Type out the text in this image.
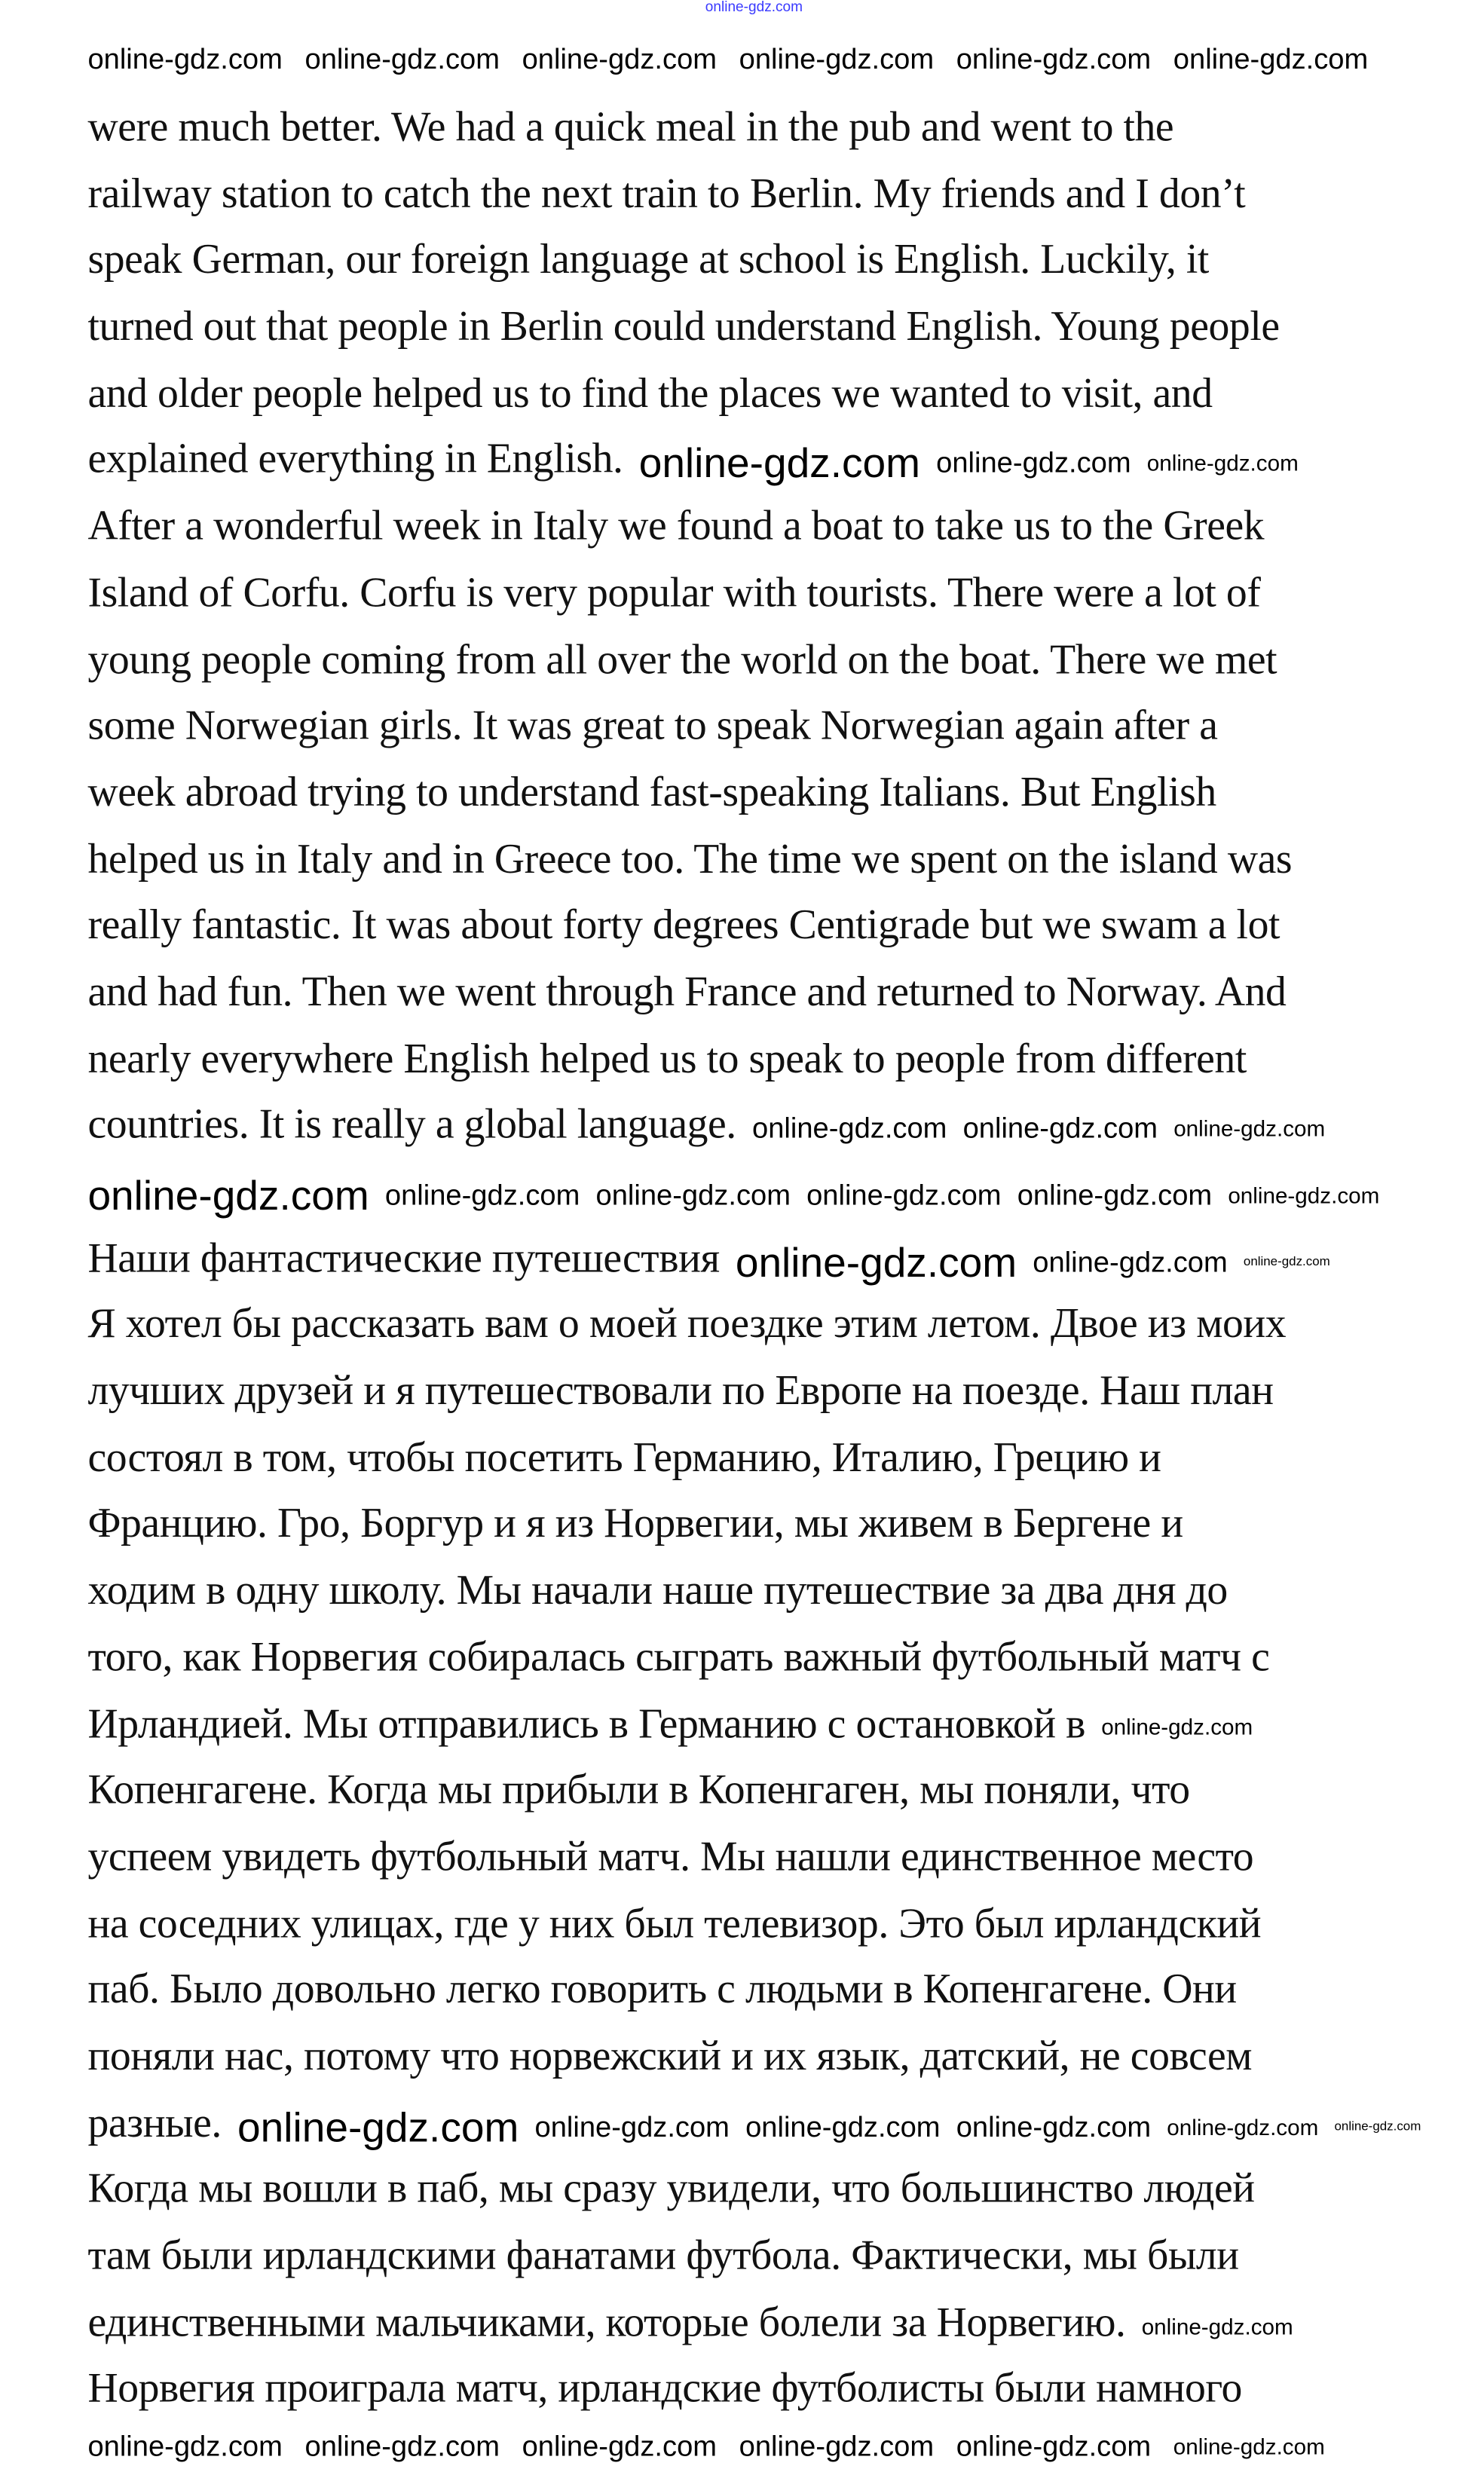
online-gdz.com
online-gdz.com online-gdz.com online-gdz.com online-gdz.com online-gdz.com online-gdz.com
were much better. We had a quick meal in the pub and went to the
railway station to catch the next train to Berlin. My friends and I don’t
speak German, our foreign language at school is English. Luckily, it
turned out that people in Berlin could understand English. Young people
and older people helped us to find the places we wanted to visit, and
explained everything in English. online-gdz.com online-gdz.com online-gdz.com
After a wonderful week in Italy we found a boat to take us to the Greek
Island of Corfu. Corfu is very popular with tourists. There were a lot of
young people coming from all over the world on the boat. There we met
some Norwegian girls. It was great to speak Norwegian again after a
week abroad trying to understand fast-speaking Italians. But English
helped us in Italy and in Greece too. The time we spent on the island was
really fantastic. It was about forty degrees Centigrade but we swam a lot
and had fun. Then we went through France and returned to Norway. And
nearly everywhere English helped us to speak to people from different
countries. It is really a global language. online-gdz.com online-gdz.com online-gdz.com
online-gdz.com online-gdz.com online-gdz.com online-gdz.com online-gdz.com online-gdz.com
Наши фантастические путешествия online-gdz.com online-gdz.com	online-gdz.com
Я хотел бы рассказать вам о моей поездке этим летом. Двое из моих
лучших друзей и я путешествовали по Европе на поезде. Наш план
состоял в том, чтобы посетить Германию, Италию, Грецию и
Францию. Гро, Боргур и я из Норвегии, мы живем в Бергене и
ходим в одну школу. Мы начали наше путешествие за два дня до
того, как Норвегия собиралась сыграть важный футбольный матч с
Ирландией. Мы отправились в Германию с остановкой в online-gdz.com
Копенгагене. Когда мы прибыли в Копенгаген, мы поняли, что
успеем увидеть футбольный матч. Мы нашли единственное место
на соседних улицах, где у них был телевизор. Это был ирландский
паб. Было довольно легко говорить с людьми в Копенгагене. Они
поняли нас, потому что норвежский и их язык, датский, не совсем
разные. online-gdz.com online-gdz.com online-gdz.com online-gdz.com online-gdz.com	online-gdz.com
Когда мы вошли в паб, мы сразу увидели, что большинство людей
там были ирландскими фанатами футбола. Фактически, мы были
единственными мальчиками, которые болели за Норвегию. online-gdz.com
Норвегия проиграла матч, ирландские футболисты были намного
online-gdz.com online-gdz.com online-gdz.com online-gdz.com online-gdz.com online-gdz.com
